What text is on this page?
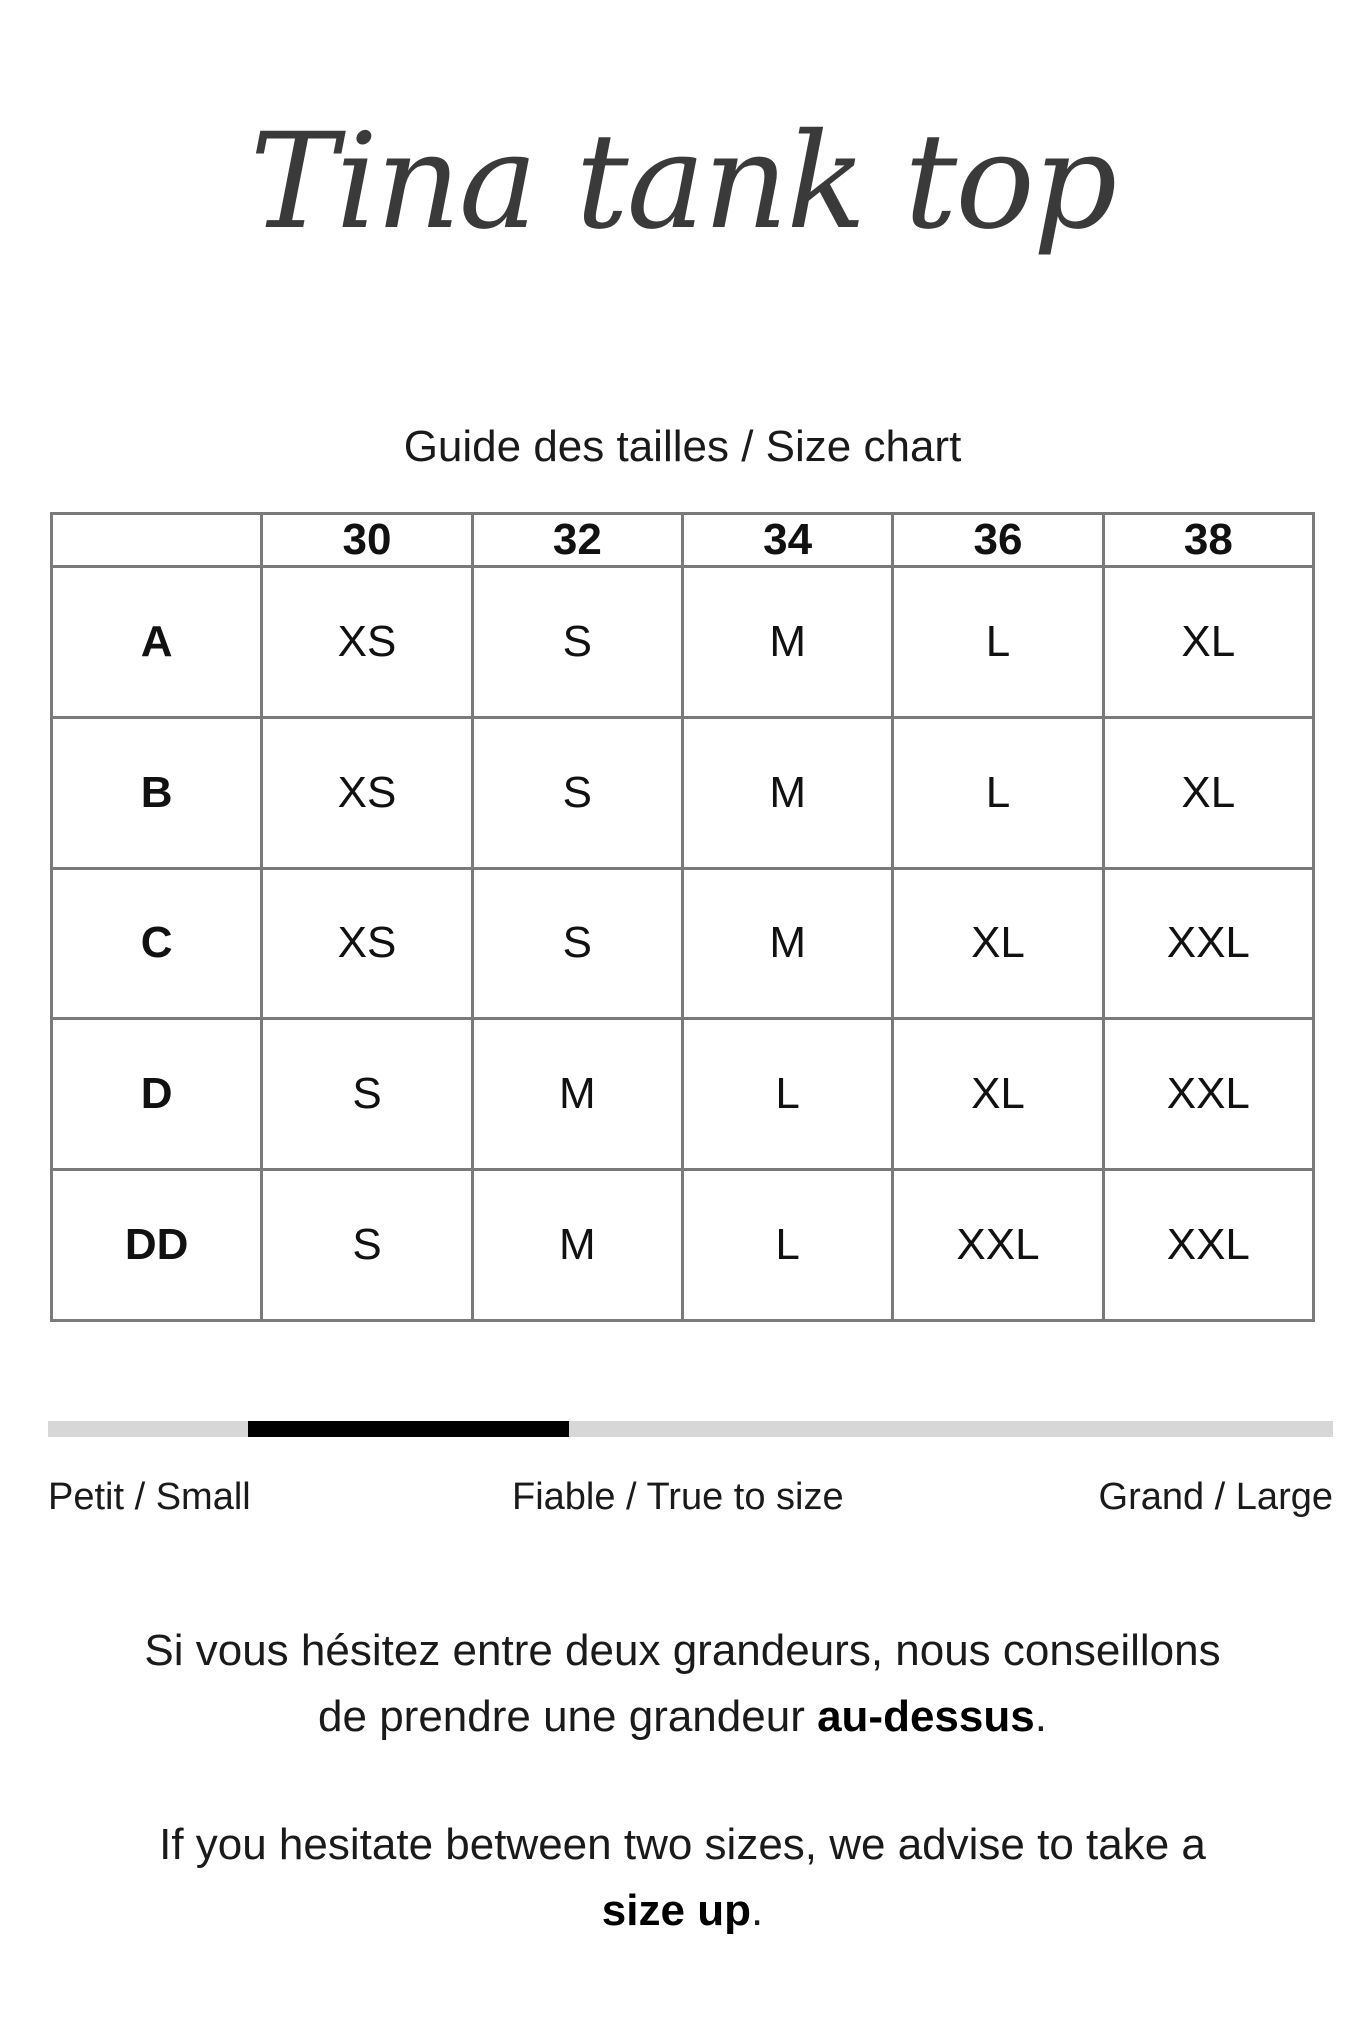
Tina tank top
Guide des tailles / Size chart
	30	32	34	36	38
A	XS	S	M	L	XL
B	XS	S	M	L	XL
C	XS	S	M	XL	XXL
D	S	M	L	XL	XXL
DD	S	M	L	XXL	XXL
Petit / Small	Fiable / True to size	Grand / Large
Si vous hésitez entre deux grandeurs, nous conseillons
de prendre une grandeur au-dessus.
If you hesitate between two sizes, we advise to take a
size up.
